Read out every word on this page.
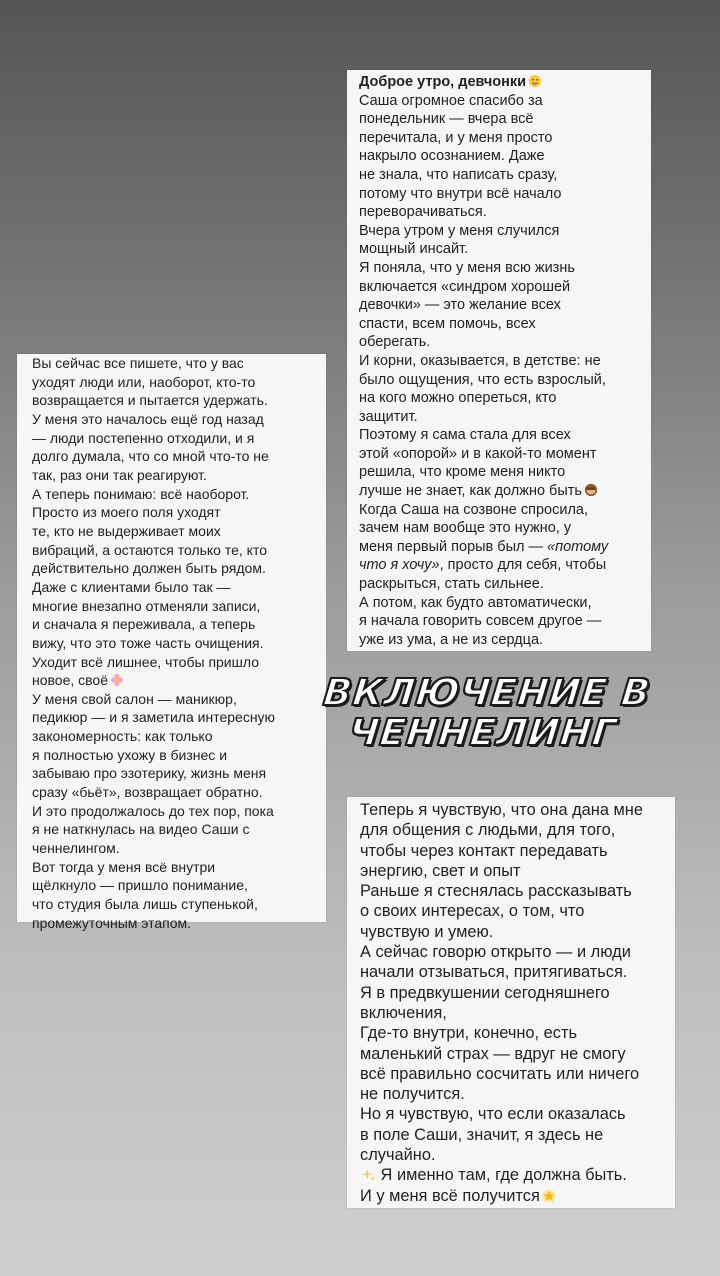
Доброе утро, девчонки
Саша огромное спасибо за
понедельник — вчера всё
перечитала, и у меня просто
накрыло осознанием. Даже
не знала, что написать сразу,
потому что внутри всё начало
переворачиваться.
Вчера утром у меня случился
мощный инсайт.
Я поняла, что у меня всю жизнь
включается «синдром хорошей
девочки» — это желание всех
спасти, всем помочь, всех
оберегать.
И корни, оказывается, в детстве: не
было ощущения, что есть взрослый,
на кого можно опереться, кто
защитит.
Поэтому я сама стала для всех
этой «опорой» и в какой-то момент
решила, что кроме меня никто
лучше не знает, как должно быть
Когда Саша на созвоне спросила,
зачем нам вообще это нужно, у
меня первый порыв был — «потому
что я хочу», просто для себя, чтобы
раскрыться, стать сильнее.
А потом, как будто автоматически,
я начала говорить совсем другое —
уже из ума, а не из сердца.
Вы сейчас все пишете, что у вас
уходят люди или, наоборот, кто-то
возвращается и пытается удержать.
У меня это началось ещё год назад
— люди постепенно отходили, и я
долго думала, что со мной что-то не
так, раз они так реагируют.
А теперь понимаю: всё наоборот.
Просто из моего поля уходят
те, кто не выдерживает моих
вибраций, а остаются только те, кто
действительно должен быть рядом.
Даже с клиентами было так —
многие внезапно отменяли записи,
и сначала я переживала, а теперь
вижу, что это тоже часть очищения.
Уходит всё лишнее, чтобы пришло
новое, своё
У меня свой салон — маникюр,
педикюр — и я заметила интересную
закономерность: как только
я полностью ухожу в бизнес и
забываю про эзотерику, жизнь меня
сразу «бьёт», возвращает обратно.
И это продолжалось до тех пор, пока
я не наткнулась на видео Саши с
ченнелингом.
Вот тогда у меня всё внутри
щёлкнуло — пришло понимание,
что студия была лишь ступенькой,
промежуточным этапом.
Теперь я чувствую, что она дана мне
для общения с людьми, для того,
чтобы через контакт передавать
энергию, свет и опыт
Раньше я стеснялась рассказывать
о своих интересах, о том, что
чувствую и умею.
А сейчас говорю открыто — и люди
начали отзываться, притягиваться.
Я в предвкушении сегодняшнего
включения,
Где-то внутри, конечно, есть
маленький страх — вдруг не смогу
всё правильно сосчитать или ничего
не получится.
Но я чувствую, что если оказалась
в поле Саши, значит, я здесь не
случайно.
Я именно там, где должна быть.
И у меня всё получится
ВКЛЮЧЕНИЕ В
ЧЕННЕЛИНГ
